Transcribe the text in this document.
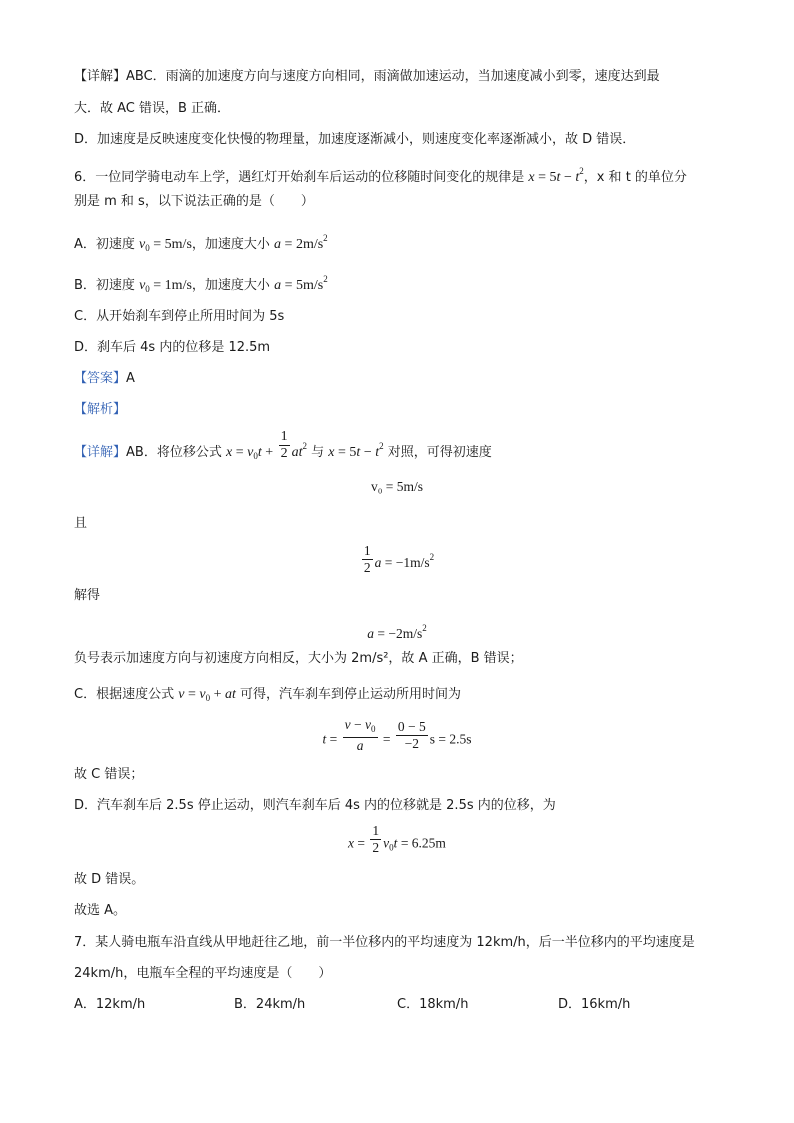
【详解】ABC．雨滴的加速度方向与速度方向相同，雨滴做加速运动，当加速度减小到零，速度达到最
大．故 AC 错误，B 正确．
D．加速度是反映速度变化快慢的物理量，加速度逐渐减小，则速度变化率逐渐减小，故 D 错误．
6．一位同学骑电动车上学，遇红灯开始刹车后运动的位移随时间变化的规律是 $x = 5t - t^2$，x 和 t 的单位分
别是 m 和 s，以下说法正确的是（　　）
A．初速度 $v_0 = 5m/s$，加速度大小 $a = 2m/s^2$
B．初速度 $v_0 = 1m/s$，加速度大小 $a = 5m/s^2$
C．从开始刹车到停止所用时间为 5s
D．刹车后 4s 内的位移是 12.5m
【答案】A
【解析】
【详解】AB．将位移公式 $x = v_0t + \frac{1}{2} at^2$ 与 $x = 5t - t^2$ 对照，可得初速度
v₀ = 5m/s
且
$\frac{1}{2}$ $a = -1m/s^2$
解得
$a = -2m/s^2$
负号表示加速度方向与初速度方向相反，大小为 2m/s²，故 A 正确，B 错误；
C．根据速度公式 $v = v_0$ + at 可得，汽车刹车到停止运动所用时间为
$t = \frac{v - v_0}{a} = \frac{0 - 5}{-2}$ s = 2.5s
故 C 错误；
D．汽车刹车后 2.5s 停止运动，则汽车刹车后 4s 内的位移就是 2.5s 内的位移，为
$x = \frac{1}{2} v_0t = 6.25m$
故 D 错误。
故选 A。
7．某人骑电瓶车沿直线从甲地赶往乙地，前一半位移内的平均速度为 12km/h，后一半位移内的平均速度是
24km/h，电瓶车全程的平均速度是（　　）
A．12km/h	B．24km/h	C．18km/h	D．16km/h
